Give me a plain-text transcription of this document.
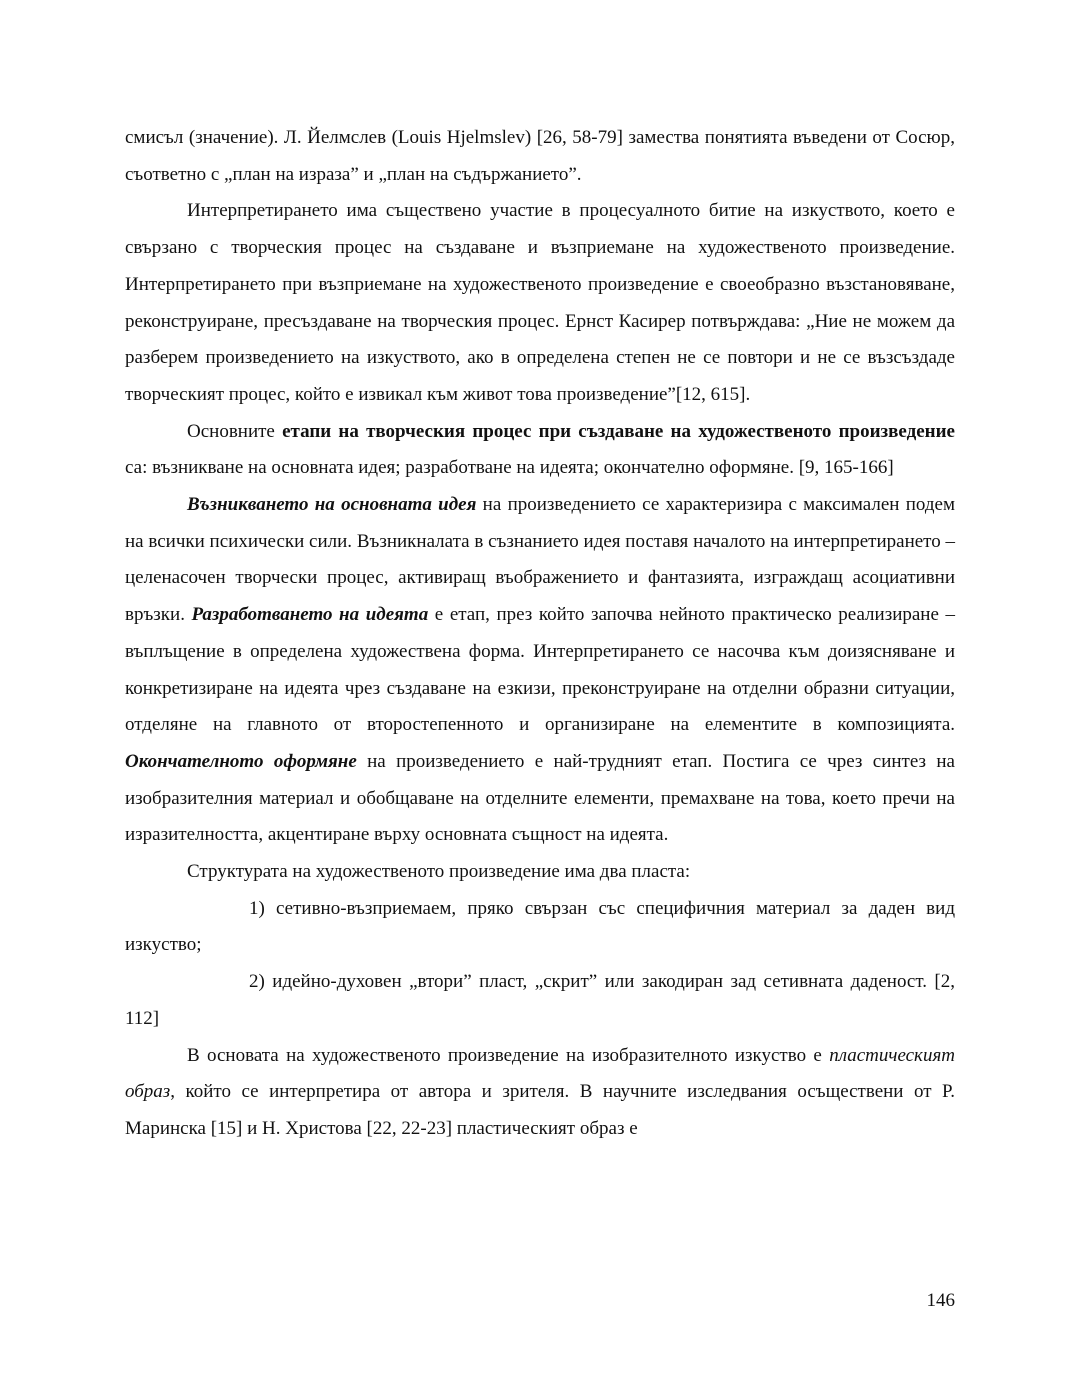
смисъл (значение). Л. Йелмслев (Louis Hjelmslev) [26, 58-79] замества понятията въведени от Сосюр, съответно с „план на израза” и „план на съдържанието”.

Интерпретирането има съществено участие в процесуалното битие на изкуството, което е свързано с творческия процес на създаване и възприемане на художественото произведение. Интерпретирането при възприемане на художественото произведение е своеобразно възстановяване, реконструиране, пресъздаване на творческия процес. Ернст Касирер потвърждава: „Ние не можем да разберем произведението на изкуството, ако в определена степен не се повтори и не се възсъздаде творческият процес, който е извикал към живот това произведение”[12, 615].

Основните етапи на творческия процес при създаване на художественото произведение са: възникване на основната идея; разработване на идеята; окончателно оформяне. [9, 165-166]

Възникването на основната идея на произведението се характеризира с максимален подем на всички психически сили. Възникналата в съзнанието идея поставя началото на интерпретирането – целенасочен творчески процес, активиращ въображението и фантазията, изграждащ асоциативни връзки. Разработването на идеята е етап, през който започва нейното практическо реализиране – въплъщение в определена художествена форма. Интерпретирането се насочва към доизясняване и конкретизиране на идеята чрез създаване на езкизи, преконструиране на отделни образни ситуации, отделяне на главното от второстепенното и организиране на елементите в композицията. Окончателното оформяне на произведението е най-трудният етап. Постига се чрез синтез на изобразителния материал и обобщаване на отделните елементи, премахване на това, което пречи на изразителността, акцентиране върху основната същност на идеята.

Структурата на художественото произведение има два пласта:

1) сетивно-възприемаем, пряко свързан със специфичния материал за даден вид изкуство;

2) идейно-духовен „втори” пласт, „скрит” или закодиран зад сетивната даденост. [2, 112]

В основата на художественото произведение на изобразителното изкуство е пластическият образ, който се интерпретира от автора и зрителя. В научните изследвания осъществени от Р. Маринска [15] и Н. Христова [22, 22-23] пластическият образ е

146
